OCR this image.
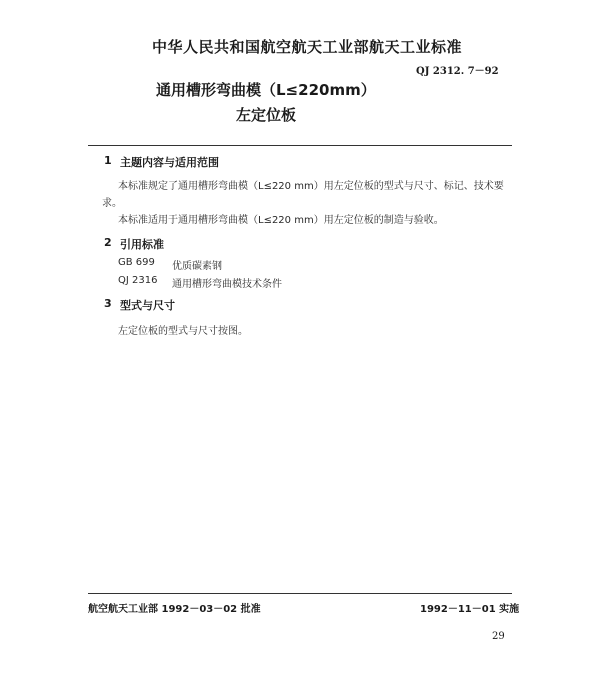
中华人民共和国航空航天工业部航天工业标准
QJ 2312. 7－92
通用槽形弯曲模（L≤220mm）
左定位板
1 主题内容与适用范围
本标准规定了通用槽形弯曲模（L≤220 mm）用左定位板的型式与尺寸、标记、技术要求。
本标准适用于通用槽形弯曲模（L≤220 mm）用左定位板的制造与验收。
2 引用标准
GB 699 优质碳素钢
QJ 2316 通用槽形弯曲模技术条件
3 型式与尺寸
左定位板的型式与尺寸按图。
航空航天工业部 1992－03－02 批准	1992－11－01 实施
29
